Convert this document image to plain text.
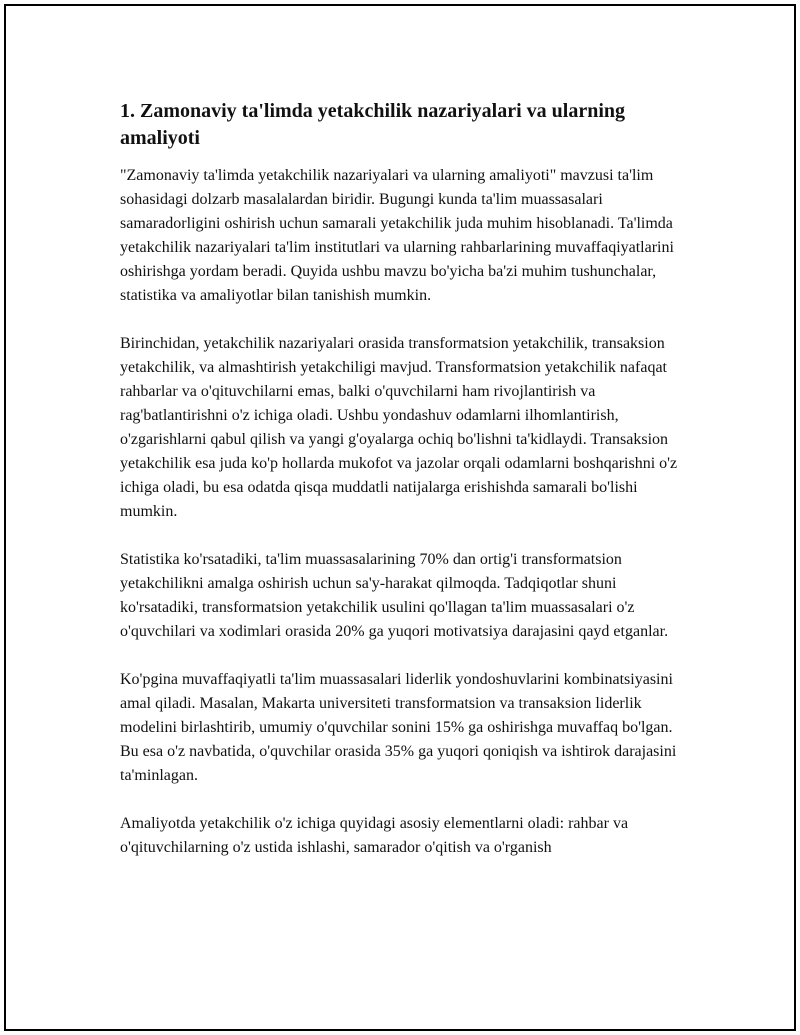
1. Zamonaviy ta'limda yetakchilik nazariyalari va ularning amaliyoti

"Zamonaviy ta'limda yetakchilik nazariyalari va ularning amaliyoti" mavzusi ta'lim sohasidagi dolzarb masalalardan biridir. Bugungi kunda ta'lim muassasalari samaradorligini oshirish uchun samarali yetakchilik juda muhim hisoblanadi. Ta'limda yetakchilik nazariyalari ta'lim institutlari va ularning rahbarlarining muvaffaqiyatlarini oshirishga yordam beradi. Quyida ushbu mavzu bo'yicha ba'zi muhim tushunchalar, statistika va amaliyotlar bilan tanishish mumkin.

Birinchidan, yetakchilik nazariyalari orasida transformatsion yetakchilik, transaksion yetakchilik, va almashtirish yetakchiligi mavjud. Transformatsion yetakchilik nafaqat rahbarlar va o'qituvchilarni emas, balki o'quvchilarni ham rivojlantirish va rag'batlantirishni o'z ichiga oladi. Ushbu yondashuv odamlarni ilhomlantirish, o'zgarishlarni qabul qilish va yangi g'oyalarga ochiq bo'lishni ta'kidlaydi. Transaksion yetakchilik esa juda ko'p hollarda mukofot va jazolar orqali odamlarni boshqarishni o'z ichiga oladi, bu esa odatda qisqa muddatli natijalarga erishishda samarali bo'lishi mumkin.

Statistika ko'rsatadiki, ta'lim muassasalarining 70% dan ortig'i transformatsion yetakchilikni amalga oshirish uchun sa'y-harakat qilmoqda. Tadqiqotlar shuni ko'rsatadiki, transformatsion yetakchilik usulini qo'llagan ta'lim muassasalari o'z o'quvchilari va xodimlari orasida 20% ga yuqori motivatsiya darajasini qayd etganlar.

Ko'pgina muvaffaqiyatli ta'lim muassasalari liderlik yondoshuvlarini kombinatsiyasini amal qiladi. Masalan, Makarta universiteti transformatsion va transaksion liderlik modelini birlashtirib, umumiy o'quvchilar sonini 15% ga oshirishga muvaffaq bo'lgan. Bu esa o'z navbatida, o'quvchilar orasida 35% ga yuqori qoniqish va ishtirok darajasini ta'minlagan.

Amaliyotda yetakchilik o'z ichiga quyidagi asosiy elementlarni oladi: rahbar va o'qituvchilarning o'z ustida ishlashi, samarador o'qitish va o'rganish
